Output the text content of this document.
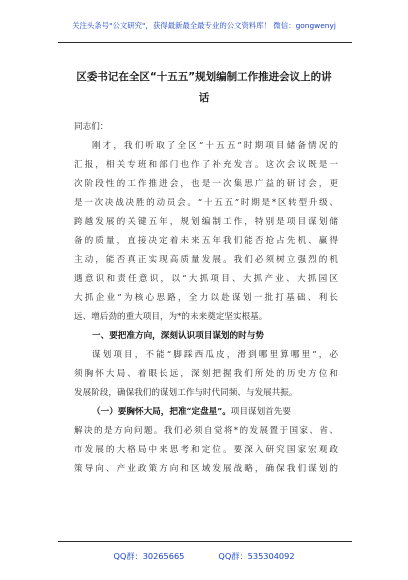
关注头条号"公文研究"，获得最新最全最专业的公文资料库！ 微信：gongwenyj
区委书记在全区“十五五”规划编制工作推进会议上的讲
话
同志们：
刚才，我们听取了全区“十五五”时期项目储备情况的
汇报，相关专班和部门也作了补充发言。这次会议既是一
次阶段性的工作推进会，也是一次集思广益的研讨会，更
是一次决战决胜的动员会。“十五五”时期是*区转型升级、
跨越发展的关键五年，规划编制工作，特别是项目谋划储
备的质量，直接决定着未来五年我们能否抢占先机、赢得
主动，能否真正实现高质量发展。我们必须树立强烈的机
遇意识和责任意识，以“大抓项目、大抓产业、大抓园区
大抓企业”为核心思路，全力以赴谋划一批打基础、利长
远、增后劲的重大项目，为*的未来奠定坚实根基。
一、要把准方向，深刻认识项目谋划的时与势
谋划项目，不能“脚踩西瓜皮，滑到哪里算哪里”，必
须胸怀大局、着眼长远，深刻把握我们所处的历史方位和
发展阶段，确保我们的谋划工作与时代同频、与发展共振。
（一）要胸怀大局，把准“定盘星”。项目谋划首先要
解决的是方向问题。我们必须自觉将*的发展置于国家、省、
市发展的大格局中来思考和定位。要深入研究国家宏观政
策导向、产业政策方向和区域发展战略，确保我们谋划的
QQ群：30265665	QQ群：535304092
